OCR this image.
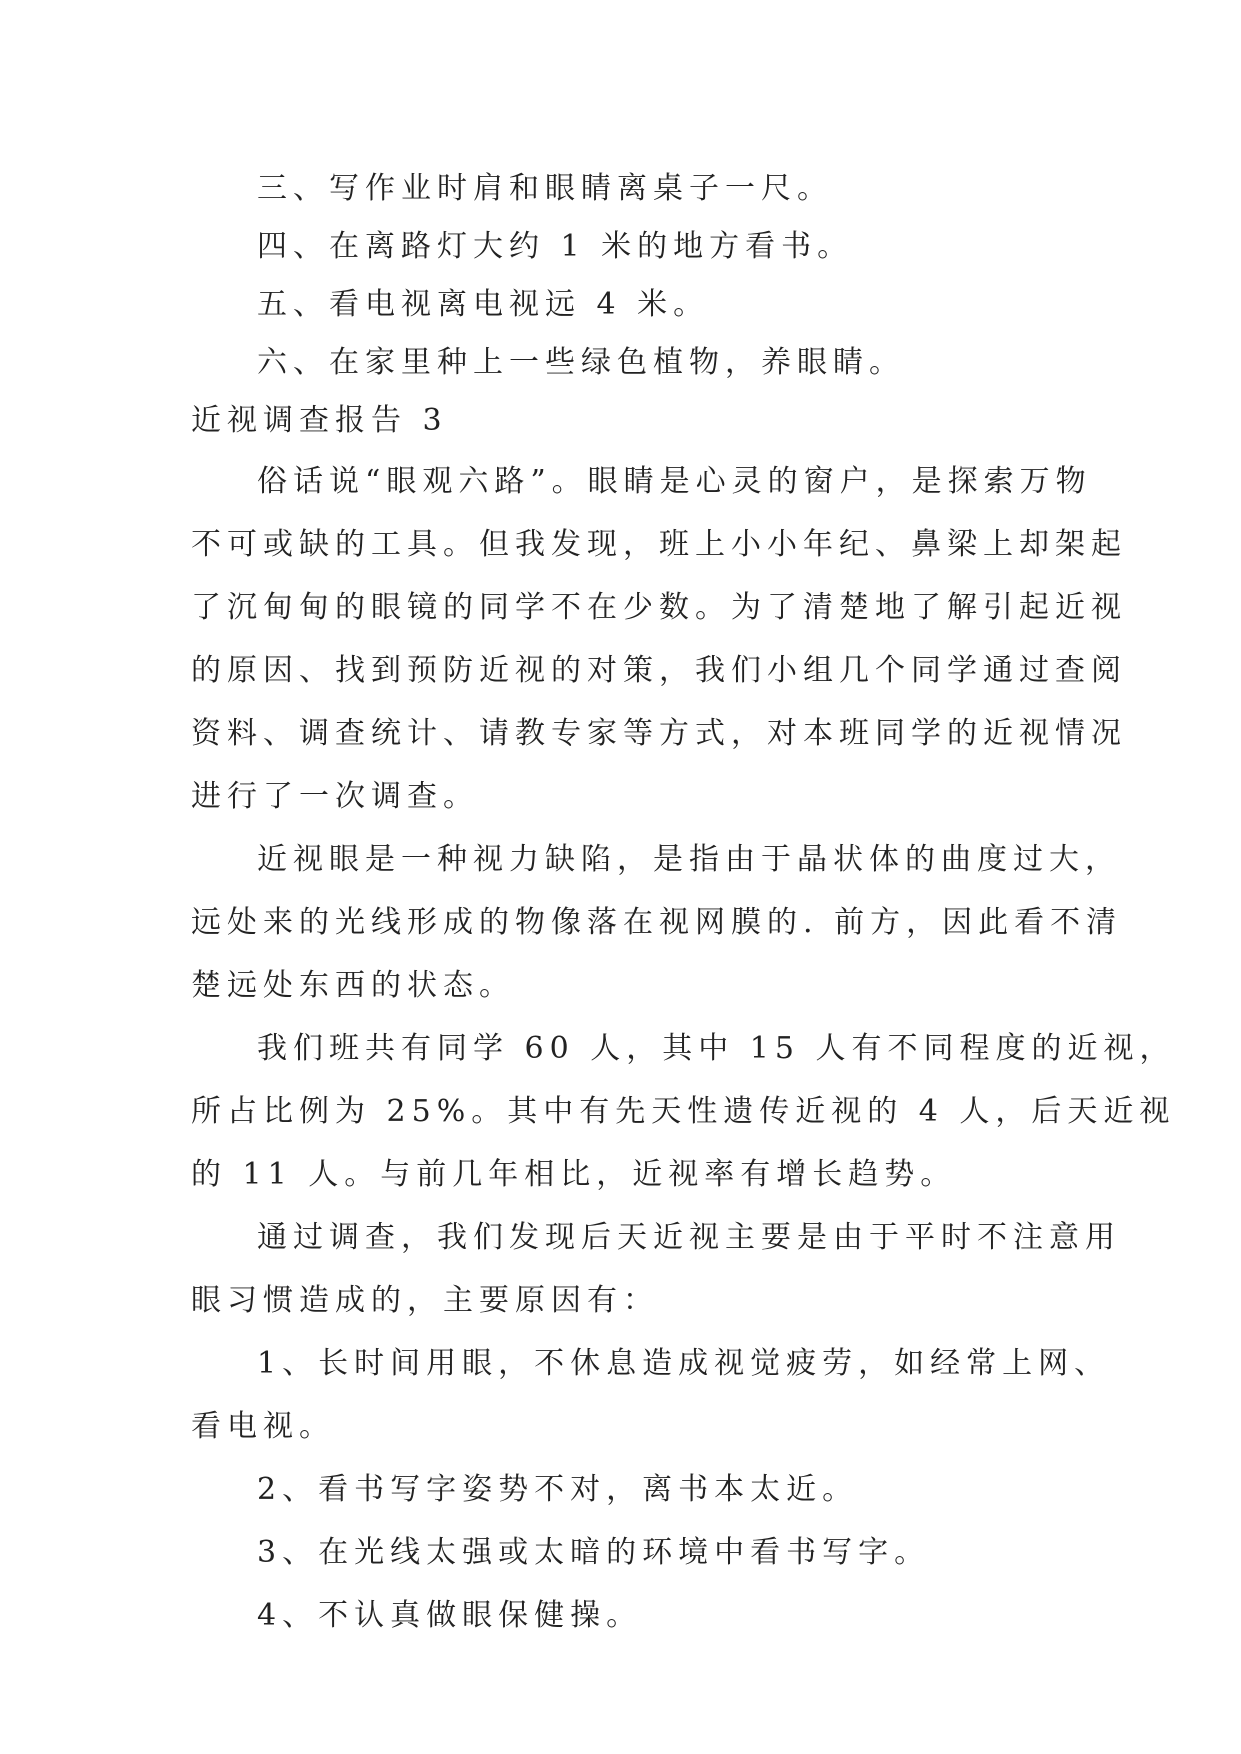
三、写作业时肩和眼睛离桌子一尺。
四、在离路灯大约 1 米的地方看书。
五、看电视离电视远 4 米。
六、在家里种上一些绿色植物，养眼睛。
近视调查报告 3
俗话说“眼观六路”。眼睛是心灵的窗户，是探索万物
不可或缺的工具。但我发现，班上小小年纪、鼻梁上却架起
了沉甸甸的眼镜的同学不在少数。为了清楚地了解引起近视
的原因、找到预防近视的对策，我们小组几个同学通过查阅
资料、调查统计、请教专家等方式，对本班同学的近视情况
进行了一次调查。
近视眼是一种视力缺陷，是指由于晶状体的曲度过大，
远处来的光线形成的物像落在视网膜的. 前方，因此看不清
楚远处东西的状态。
我们班共有同学 60 人，其中 15 人有不同程度的近视，
所占比例为 25%。其中有先天性遗传近视的 4 人，后天近视
的 11 人。与前几年相比，近视率有增长趋势。
通过调查，我们发现后天近视主要是由于平时不注意用
眼习惯造成的，主要原因有：
1、长时间用眼，不休息造成视觉疲劳，如经常上网、
看电视。
2、看书写字姿势不对，离书本太近。
3、在光线太强或太暗的环境中看书写字。
4、不认真做眼保健操。
